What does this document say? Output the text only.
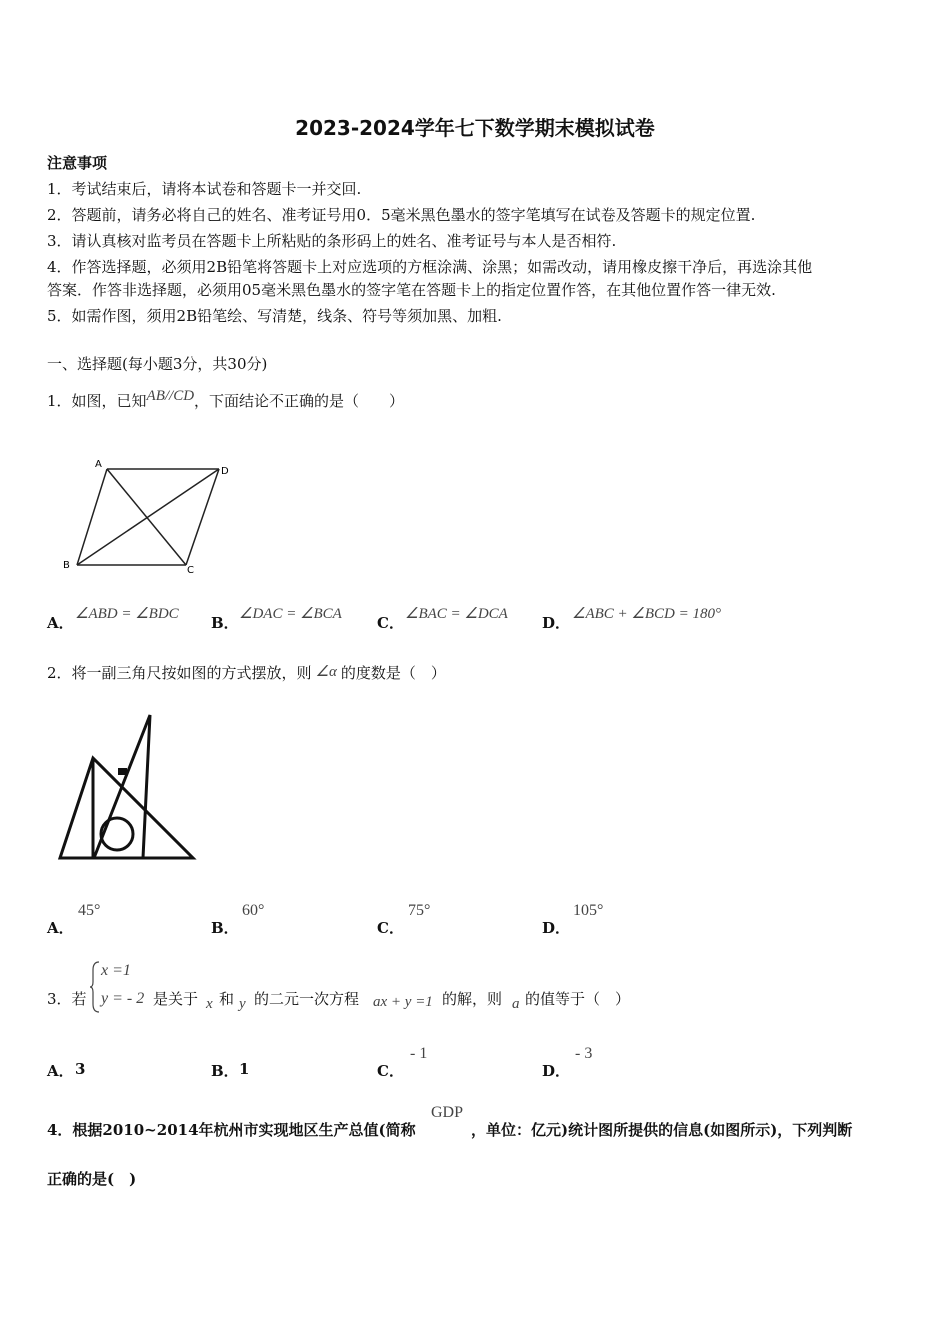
2023-2024学年七下数学期末模拟试卷
注意事项
1．考试结束后，请将本试卷和答题卡一并交回.
2．答题前，请务必将自己的姓名、准考证号用0．5毫米黑色墨水的签字笔填写在试卷及答题卡的规定位置.
3．请认真核对监考员在答题卡上所粘贴的条形码上的姓名、准考证号与本人是否相符.
4．作答选择题，必须用2B铅笔将答题卡上对应选项的方框涂满、涂黑；如需改动，请用橡皮擦干净后，再选涂其他
答案．作答非选择题，必须用05毫米黑色墨水的签字笔在答题卡上的指定位置作答，在其他位置作答一律无效.
5．如需作图，须用2B铅笔绘、写清楚，线条、符号等须加黑、加粗.
一、选择题(每小题3分，共30分)
1．如图，已知AB//CD，下面结论不正确的是（　　）
A
D
B	C
A． ∠ABD = ∠BDC B． ∠DAC = ∠BCA C． ∠BAC = ∠DCA D． ∠ABC + ∠BCD = 180°
2．将一副三角尺按如图的方式摆放，则 ∠α 的度数是（　）
A．
45°
B．
60°
C．
75°
D．
105°
3．若
x =1
y = - 2 是关于 x 和 y 的二元一次方程 ax + y =1 的解，则 a 的值等于（　）
A． 3	B． 1	C．
- 1
D．
- 3
4．根据2010~2014年杭州市实现地区生产总值(简称
GDP
，单位：亿元)统计图所提供的信息(如图所示)，下列判断
正确的是(　)
